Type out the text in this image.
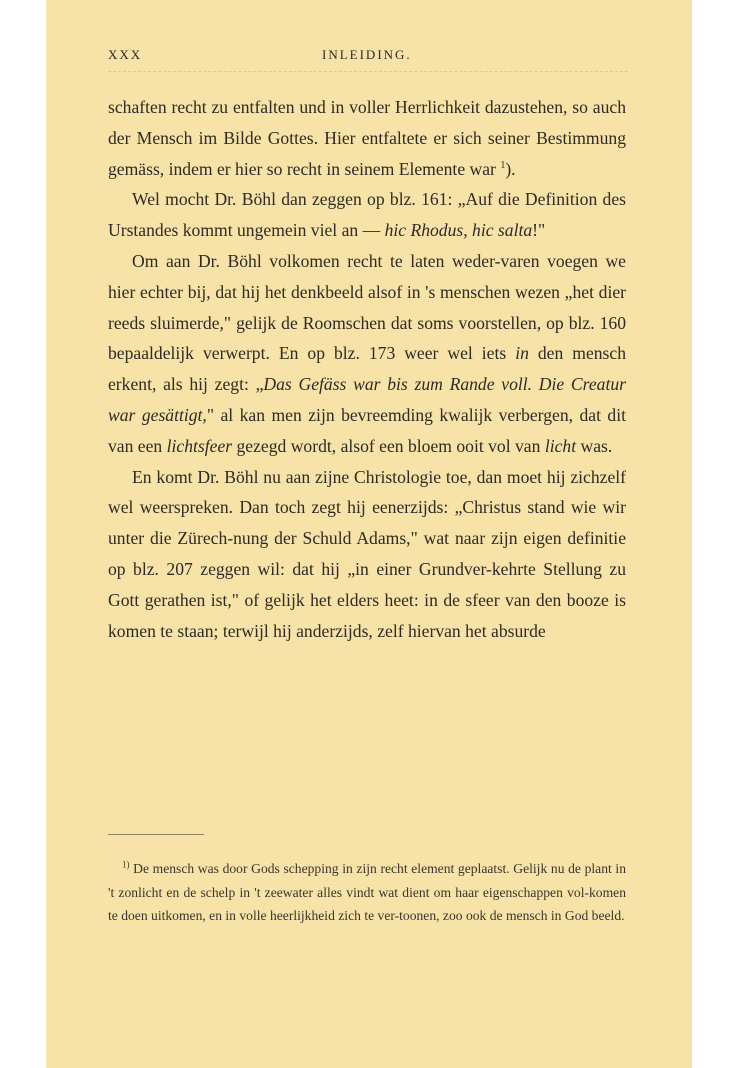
XXX	INLEIDING.

schaften recht zu entfalten und in voller Herrlichkeit dazustehen, so auch der Mensch im Bilde Gottes. Hier entfaltete er sich seiner Bestimmung gemäss, indem er hier so recht in seinem Elemente war $^1$).

Wel mocht Dr. Böhl dan zeggen op blz. 161: „Auf die Definition des Urstandes kommt ungemein viel an — hic Rhodus, hic salta!"

Om aan Dr. Böhl volkomen recht te laten weder-varen voegen we hier echter bij, dat hij het denkbeeld alsof in 's menschen wezen „het dier reeds sluimerde," gelijk de Roomschen dat soms voorstellen, op blz. 160 bepaaldelijk verwerpt. En op blz. 173 weer wel iets in den mensch erkent, als hij zegt: „Das Gefäss war bis zum Rande voll. Die Creatur war gesättigt," al kan men zijn bevreemding kwalijk verbergen, dat dit van een lichtsfeer gezegd wordt, alsof een bloem ooit vol van licht was.

En komt Dr. Böhl nu aan zijne Christologie toe, dan moet hij zichzelf wel weerspreken. Dan toch zegt hij eenerzijds: „Christus stand wie wir unter die Zürech-nung der Schuld Adams," wat naar zijn eigen definitie op blz. 207 zeggen wil: dat hij „in einer Grundver-kehrte Stellung zu Gott gerathen ist," of gelijk het elders heet: in de sfeer van den booze is komen te staan; terwijl hij anderzijds, zelf hiervan het absurde

$^{1)}$ De mensch was door Gods schepping in zijn recht element geplaatst. Gelijk nu de plant in 't zonlicht en de schelp in 't zeewater alles vindt wat dient om haar eigenschappen vol-komen te doen uitkomen, en in volle heerlijkheid zich te ver-toonen, zoo ook de mensch in God beeld.
